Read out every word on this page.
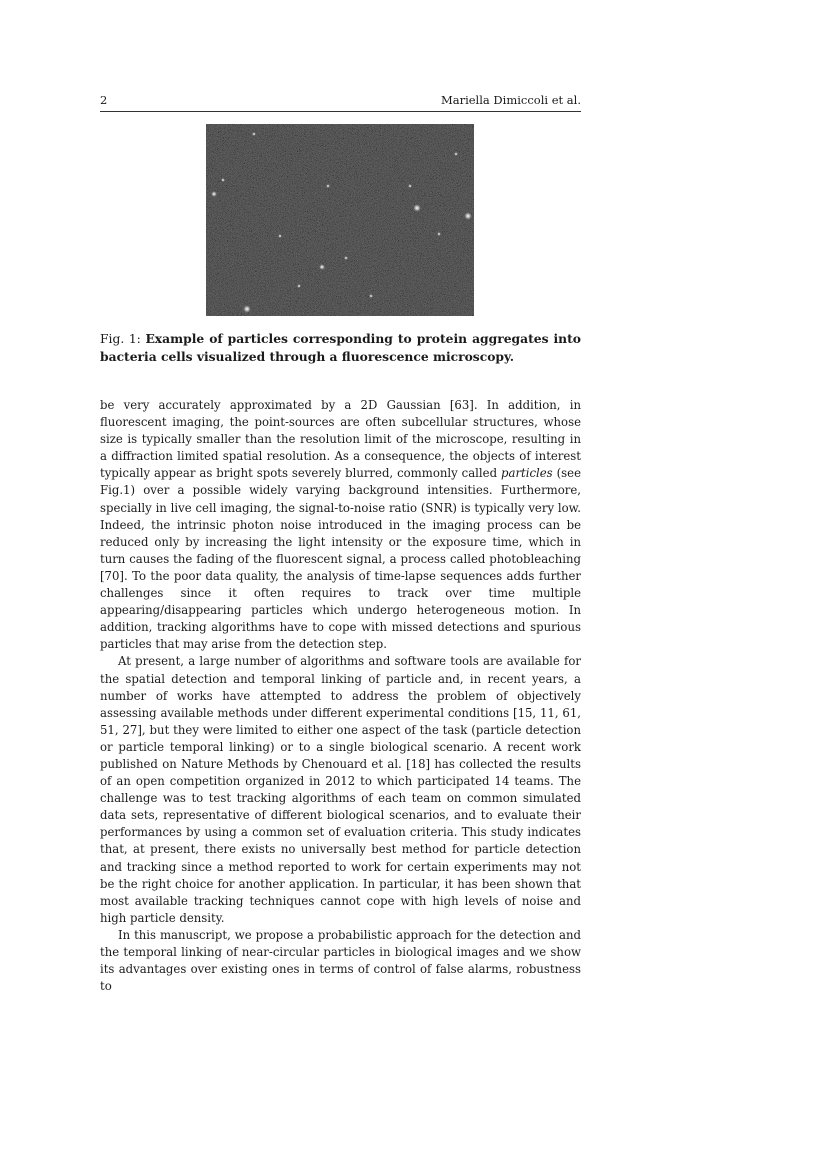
2	Mariella Dimiccoli et al.
Fig. 1: Example of particles corresponding to protein aggregates into bacteria cells visualized through a fluorescence microscopy.

be very accurately approximated by a 2D Gaussian [63]. In addition, in fluorescent imaging, the point-sources are often subcellular structures, whose size is typically smaller than the resolution limit of the microscope, resulting in a diffraction limited spatial resolution. As a consequence, the objects of interest typically appear as bright spots severely blurred, commonly called particles (see Fig.1) over a possible widely varying background intensities. Furthermore, specially in live cell imaging, the signal-to-noise ratio (SNR) is typically very low. Indeed, the intrinsic photon noise introduced in the imaging process can be reduced only by increasing the light intensity or the exposure time, which in turn causes the fading of the fluorescent signal, a process called photobleaching [70]. To the poor data quality, the analysis of time-lapse sequences adds further challenges since it often requires to track over time multiple appearing/disappearing particles which undergo heterogeneous motion. In addition, tracking algorithms have to cope with missed detections and spurious particles that may arise from the detection step.

At present, a large number of algorithms and software tools are available for the spatial detection and temporal linking of particle and, in recent years, a number of works have attempted to address the problem of objectively assessing available methods under different experimental conditions [15, 11, 61, 51, 27], but they were limited to either one aspect of the task (particle detection or particle temporal linking) or to a single biological scenario. A recent work published on Nature Methods by Chenouard et al. [18] has collected the results of an open competition organized in 2012 to which participated 14 teams. The challenge was to test tracking algorithms of each team on common simulated data sets, representative of different biological scenarios, and to evaluate their performances by using a common set of evaluation criteria. This study indicates that, at present, there exists no universally best method for particle detection and tracking since a method reported to work for certain experiments may not be the right choice for another application. In particular, it has been shown that most available tracking techniques cannot cope with high levels of noise and high particle density.

In this manuscript, we propose a probabilistic approach for the detection and the temporal linking of near-circular particles in biological images and we show its advantages over existing ones in terms of control of false alarms, robustness to
